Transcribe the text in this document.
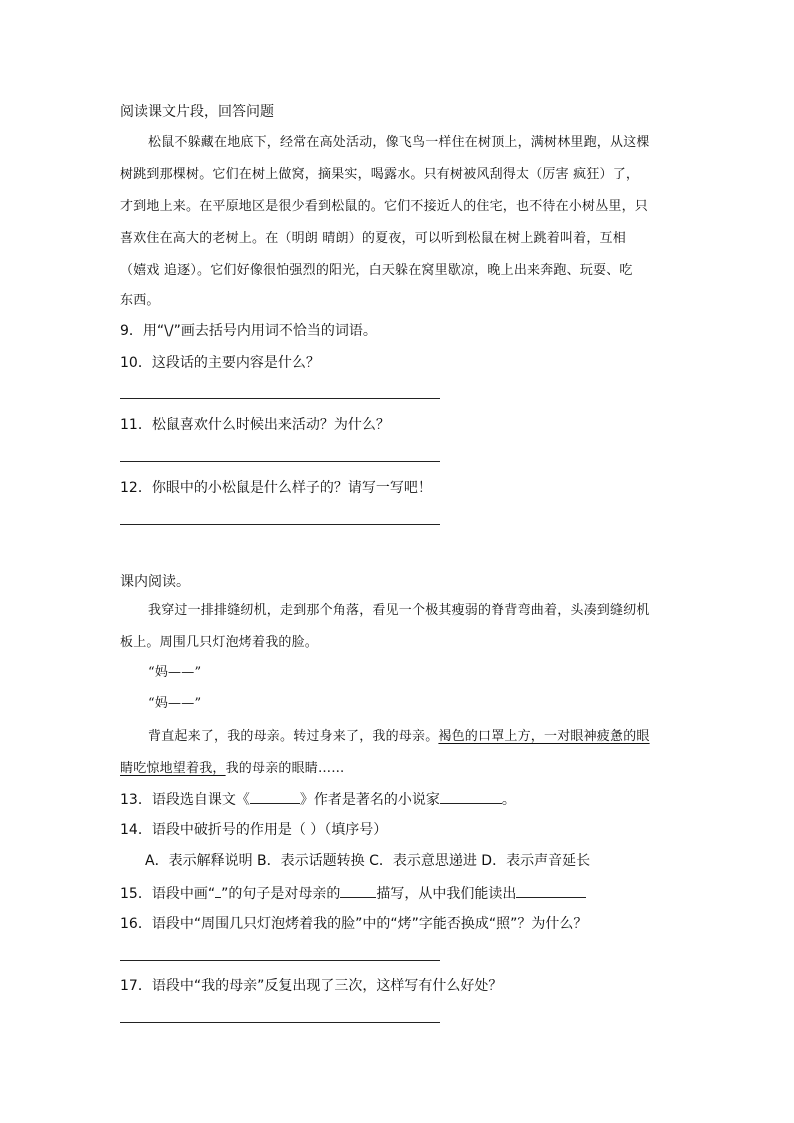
阅读课文片段，回答问题
松鼠不躲藏在地底下，经常在高处活动，像飞鸟一样住在树顶上，满树林里跑，从这棵
树跳到那棵树。它们在树上做窝，摘果实，喝露水。只有树被风刮得太（厉害 疯狂）了，
才到地上来。在平原地区是很少看到松鼠的。它们不接近人的住宅，也不待在小树丛里，只
喜欢住在高大的老树上。在（明朗 晴朗）的夏夜，可以听到松鼠在树上跳着叫着，互相
（嬉戏 追逐）。它们好像很怕强烈的阳光，白天躲在窝里歇凉，晚上出来奔跑、玩耍、吃
东西。
9．用“\/”画去括号内用词不恰当的词语。
10．这段话的主要内容是什么？
11．松鼠喜欢什么时候出来活动？为什么？
12．你眼中的小松鼠是什么样子的？请写一写吧！
课内阅读。
我穿过一排排缝纫机，走到那个角落，看见一个极其瘦弱的脊背弯曲着，头凑到缝纫机
板上。周围几只灯泡烤着我的脸。
“妈——”
“妈——”
背直起来了，我的母亲。转过身来了，我的母亲。褐色的口罩上方，一对眼神疲惫的眼
睛吃惊地望着我，我的母亲的眼睛……
13．语段选自课文《	》作者是著名的小说家	。
14．语段中破折号的作用是（ ）（填序号）
A．表示解释说明 B．表示话题转换 C．表示意思递进 D．表示声音延长
15．语段中画“ ”的句子是对母亲的	描写，从中我们能读出
16．语段中“周围几只灯泡烤着我的脸”中的“烤”字能否换成“照”？为什么？
17．语段中“我的母亲”反复出现了三次，这样写有什么好处？
